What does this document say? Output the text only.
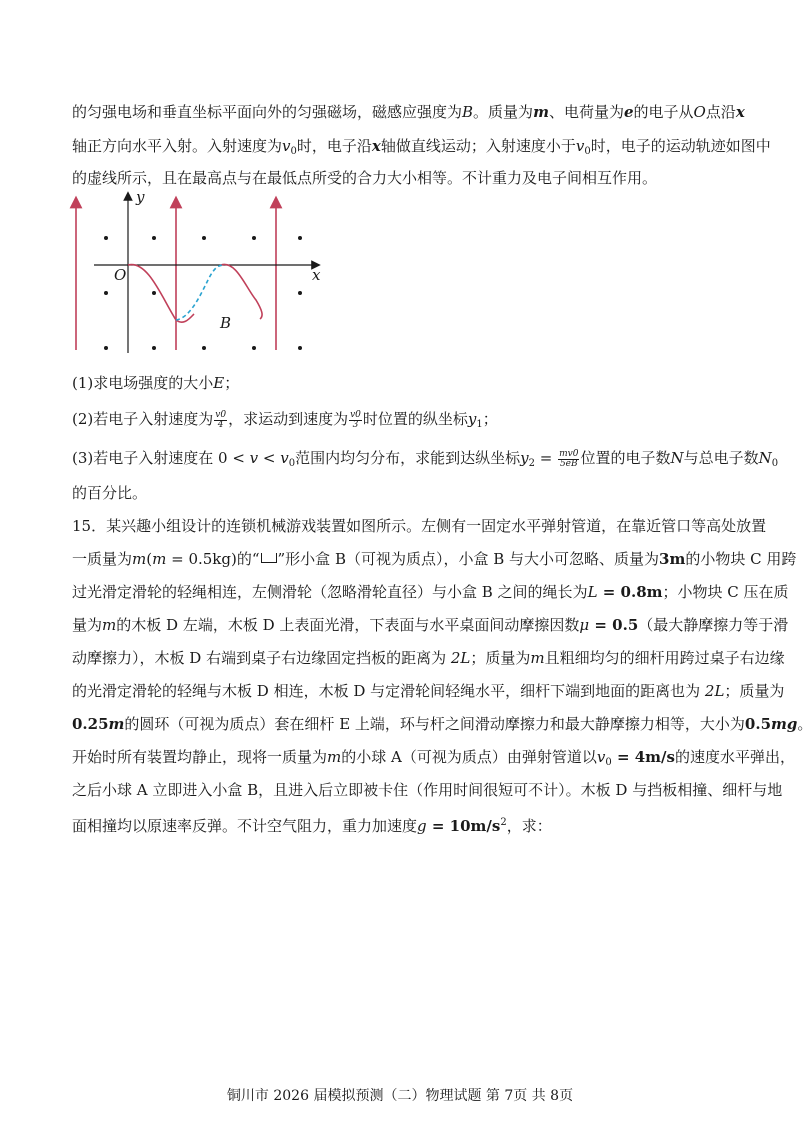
的匀强电场和垂直坐标平面向外的匀强磁场，磁感应强度为B。质量为m、电荷量为e的电子从O点沿x
轴正方向水平入射。入射速度为$v_0$时，电子沿x轴做直线运动；入射速度小于$v_0$时，电子的运动轨迹如图中
的虚线所示，且在最高点与在最低点所受的合力大小相等。不计重力及电子间相互作用。
y
x
O
B
(1)求电场强度的大小E；
(2)若电子入射速度为 $\frac{v0}{4}$ ，求运动到速度为 $\frac{v0}{3}$ 时位置的纵坐标$y_1$；
(3)若电子入射速度在 $0 < v < v_0$范围内均匀分布，求能到达纵坐标$y_2 = \frac{mv0}{5eB}$ 位置的电子数N与总电子数$N_0$
的百分比。
15．某兴趣小组设计的连锁机械游戏装置如图所示。左侧有一固定水平弹射管道，在靠近管口等高处放置
一质量为m(m = 0.5kg)的“ ”形小盒 B（可视为质点），小盒 B 与大小可忽略、质量为3m的小物块 C 用跨
过光滑定滑轮的轻绳相连，左侧滑轮（忽略滑轮直径）与小盒 B 之间的绳长为L = 0.8m；小物块 C 压在质
量为m的木板 D 左端，木板 D 上表面光滑，下表面与水平桌面间动摩擦因数μ = 0.5（最大静摩擦力等于滑
动摩擦力），木板 D 右端到桌子右边缘固定挡板的距离为 2L；质量为m且粗细均匀的细杆用跨过桌子右边缘
的光滑定滑轮的轻绳与木板 D 相连，木板 D 与定滑轮间轻绳水平，细杆下端到地面的距离也为 2L；质量为
0.25m的圆环（可视为质点）套在细杆 E 上端，环与杆之间滑动摩擦力和最大静摩擦力相等，大小为0.5mg。
开始时所有装置均静止，现将一质量为m的小球 A（可视为质点）由弹射管道以$v_0 = 4m/s$的速度水平弹出，
之后小球 A 立即进入小盒 B，且进入后立即被卡住（作用时间很短可不计）。木板 D 与挡板相撞、细杆与地
面相撞均以原速率反弹。不计空气阻力，重力加速度$g = 10m/s^2$，求：
铜川市 2026 届模拟预测（二）物理试题 第 7页 共 8页
